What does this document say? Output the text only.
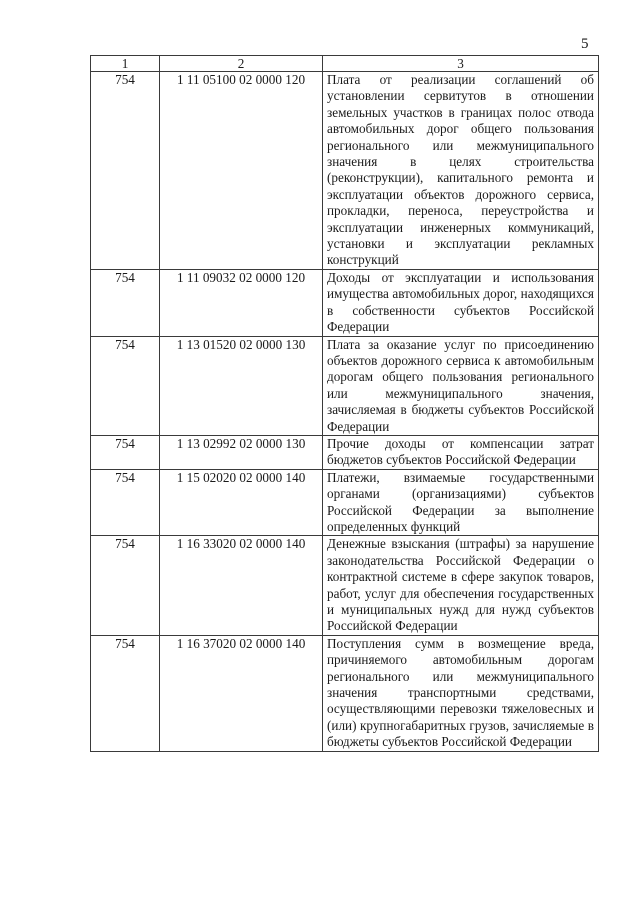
5
1	2	3
754	1 11 05100 02 0000 120	Плата от реализации соглашений об установлении сервитутов в отношении земельных участков в границах полос отвода автомобильных дорог общего пользования регионального или межмуниципального значения в целях строительства (реконструкции), капитального ремонта и эксплуатации объектов дорожного сервиса, прокладки, переноса, переустройства и эксплуатации инженерных коммуникаций, установки и эксплуатации рекламных конструкций
754	1 11 09032 02 0000 120	Доходы от эксплуатации и использования имущества автомобильных дорог, находящихся в собственности субъектов Российской Федерации
754	1 13 01520 02 0000 130	Плата за оказание услуг по присоединению объектов дорожного сервиса к автомобильным дорогам общего пользования регионального или межмуниципального значения, зачисляемая в бюджеты субъектов Российской Федерации
754	1 13 02992 02 0000 130	Прочие доходы от компенсации затрат бюджетов субъектов Российской Федерации
754	1 15 02020 02 0000 140	Платежи, взимаемые государственными органами (организациями) субъектов Российской Федерации за выполнение определенных функций
754	1 16 33020 02 0000 140	Денежные взыскания (штрафы) за нарушение законодательства Российской Федерации о контрактной системе в сфере закупок товаров, работ, услуг для обеспечения государственных и муниципальных нужд для нужд субъектов Российской Федерации
754	1 16 37020 02 0000 140	Поступления сумм в возмещение вреда, причиняемого автомобильным дорогам регионального или межмуниципального значения транспортными средствами, осуществляющими перевозки тяжеловесных и (или) крупногабаритных грузов, зачисляемые в бюджеты субъектов Российской Федерации
